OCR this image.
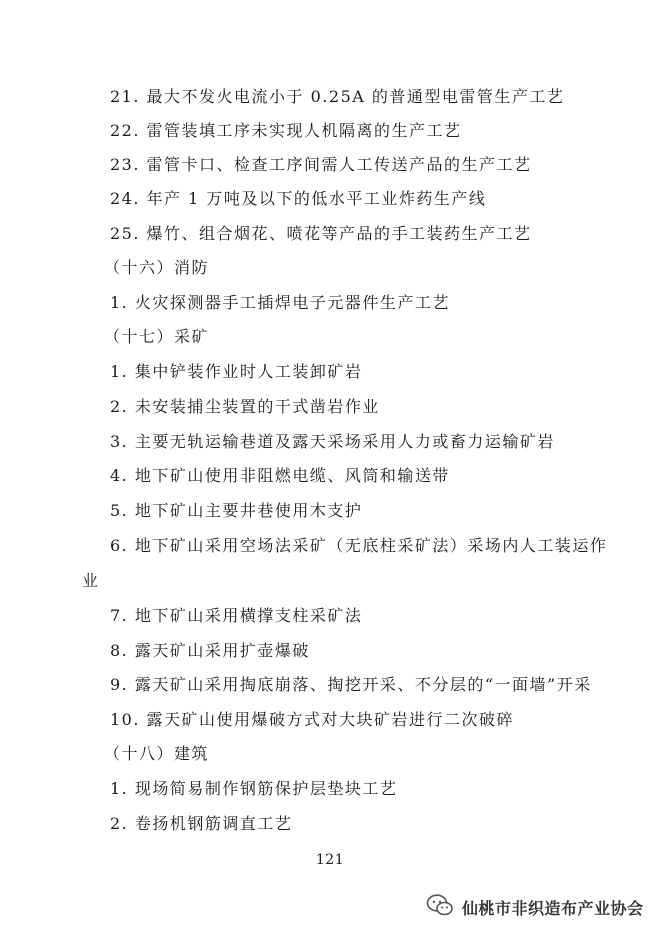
21. 最大不发火电流小于 0.25A 的普通型电雷管生产工艺
22. 雷管装填工序未实现人机隔离的生产工艺
23. 雷管卡口、检查工序间需人工传送产品的生产工艺
24. 年产 1 万吨及以下的低水平工业炸药生产线
25. 爆竹、组合烟花、喷花等产品的手工装药生产工艺
（十六）消防
1. 火灾探测器手工插焊电子元器件生产工艺
（十七）采矿
1. 集中铲装作业时人工装卸矿岩
2. 未安装捕尘装置的干式凿岩作业
3. 主要无轨运输巷道及露天采场采用人力或畜力运输矿岩
4. 地下矿山使用非阻燃电缆、风筒和输送带
5. 地下矿山主要井巷使用木支护
6. 地下矿山采用空场法采矿（无底柱采矿法）采场内人工装运作
业
7. 地下矿山采用横撑支柱采矿法
8. 露天矿山采用扩壶爆破
9. 露天矿山采用掏底崩落、掏挖开采、不分层的“一面墙”开采
10. 露天矿山使用爆破方式对大块矿岩进行二次破碎
（十八）建筑
1. 现场简易制作钢筋保护层垫块工艺
2. 卷扬机钢筋调直工艺
121
仙桃市非织造布产业协会
